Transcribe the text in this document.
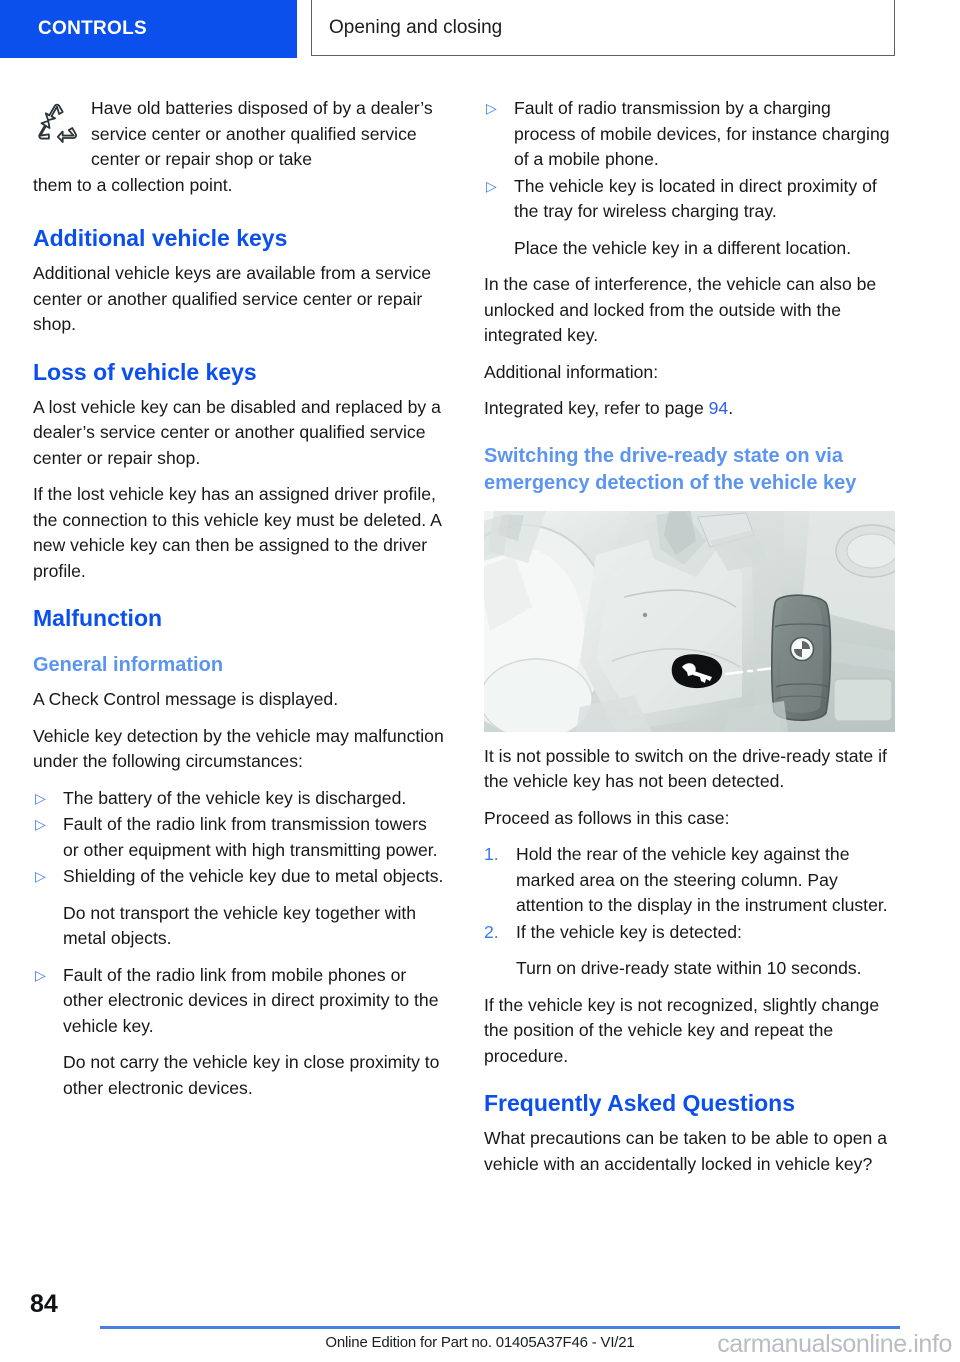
CONTROLS	Opening and closing
Have old batteries disposed of by a dealer’s service center or another qualified service center or repair shop or take
them to a collection point.
Additional vehicle keys

Additional vehicle keys are available from a service center or another qualified service center or repair shop.

Loss of vehicle keys

A lost vehicle key can be disabled and replaced by a dealer’s service center or another qualified service center or repair shop.

If the lost vehicle key has an assigned driver profile, the connection to this vehicle key must be deleted. A new vehicle key can then be assigned to the driver profile.

Malfunction
General information

A Check Control message is displayed.

Vehicle key detection by the vehicle may malfunction under the following circumstances:

▷ The battery of the vehicle key is discharged.
▷ Fault of the radio link from transmission towers or other equipment with high transmitting power.
▷ Shielding of the vehicle key due to metal objects.

Do not transport the vehicle key together with metal objects.

▷ Fault of the radio link from mobile phones or other electronic devices in direct proximity to the vehicle key.

Do not carry the vehicle key in close proximity to other electronic devices.

▷ Fault of radio transmission by a charging process of mobile devices, for instance charging of a mobile phone.
▷ The vehicle key is located in direct proximity of the tray for wireless charging tray.

Place the vehicle key in a different location.

In the case of interference, the vehicle can also be unlocked and locked from the outside with the integrated key.

Additional information:

Integrated key, refer to page 94.

Switching the drive-ready state on via emergency detection of the vehicle key

It is not possible to switch on the drive-ready state if the vehicle key has not been detected.

Proceed as follows in this case:

1. Hold the rear of the vehicle key against the marked area on the steering column. Pay attention to the display in the instrument cluster.
2. If the vehicle key is detected:

Turn on drive-ready state within 10 seconds.

If the vehicle key is not recognized, slightly change the position of the vehicle key and repeat the procedure.

Frequently Asked Questions

What precautions can be taken to be able to open a vehicle with an accidentally locked in vehicle key?

84
Online Edition for Part no. 01405A37F46 - VI/21	carmanualsonline.info
